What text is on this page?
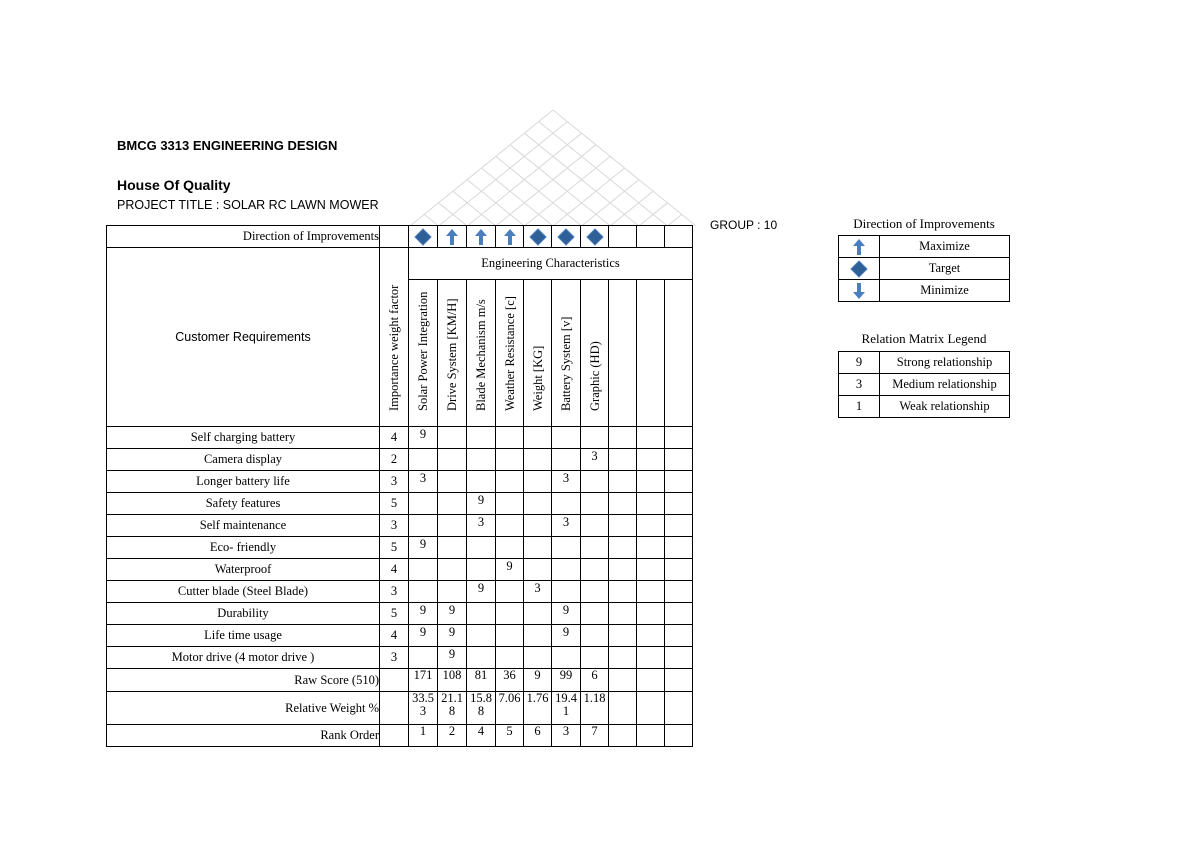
BMCG 3313 ENGINEERING DESIGN
House Of Quality
PROJECT TITLE : SOLAR RC LAWN MOWER
GROUP : 10
Direction of Improvements		

Customer Requirements	Importance weight factor	Engineering Characteristics									

		Solar Power Integration	Drive System [KM/H]	Blade Mechanism m/s	Weather Resistance [c]	Weight [KG]	Battery System [v]	Graphic (HD)			

Self charging battery	4	9									
Camera display	2							3			
Longer battery life	3	3					3				
Safety features	5			9							
Self maintenance	3			3			3				
Eco- friendly	5	9									
Waterproof	4				9						
Cutter blade (Steel Blade)	3			9		3					
Durability	5	9	9				9				
Life time usage	4	9	9				9				
Motor drive (4 motor drive )	3		9								
Raw Score (510)		171	108	81	36	9	99	6			
Relative Weight %		33.5 3	21.1 8	15.8 8	7.06	1.76	19.4 1	1.18			
Rank Order		1	2	4	5	6	3	7			
Direction of Improvements
	Maximize

	Target

	Minimize
Relation Matrix Legend
9	Strong relationship
3	Medium relationship
1	Weak relationship
